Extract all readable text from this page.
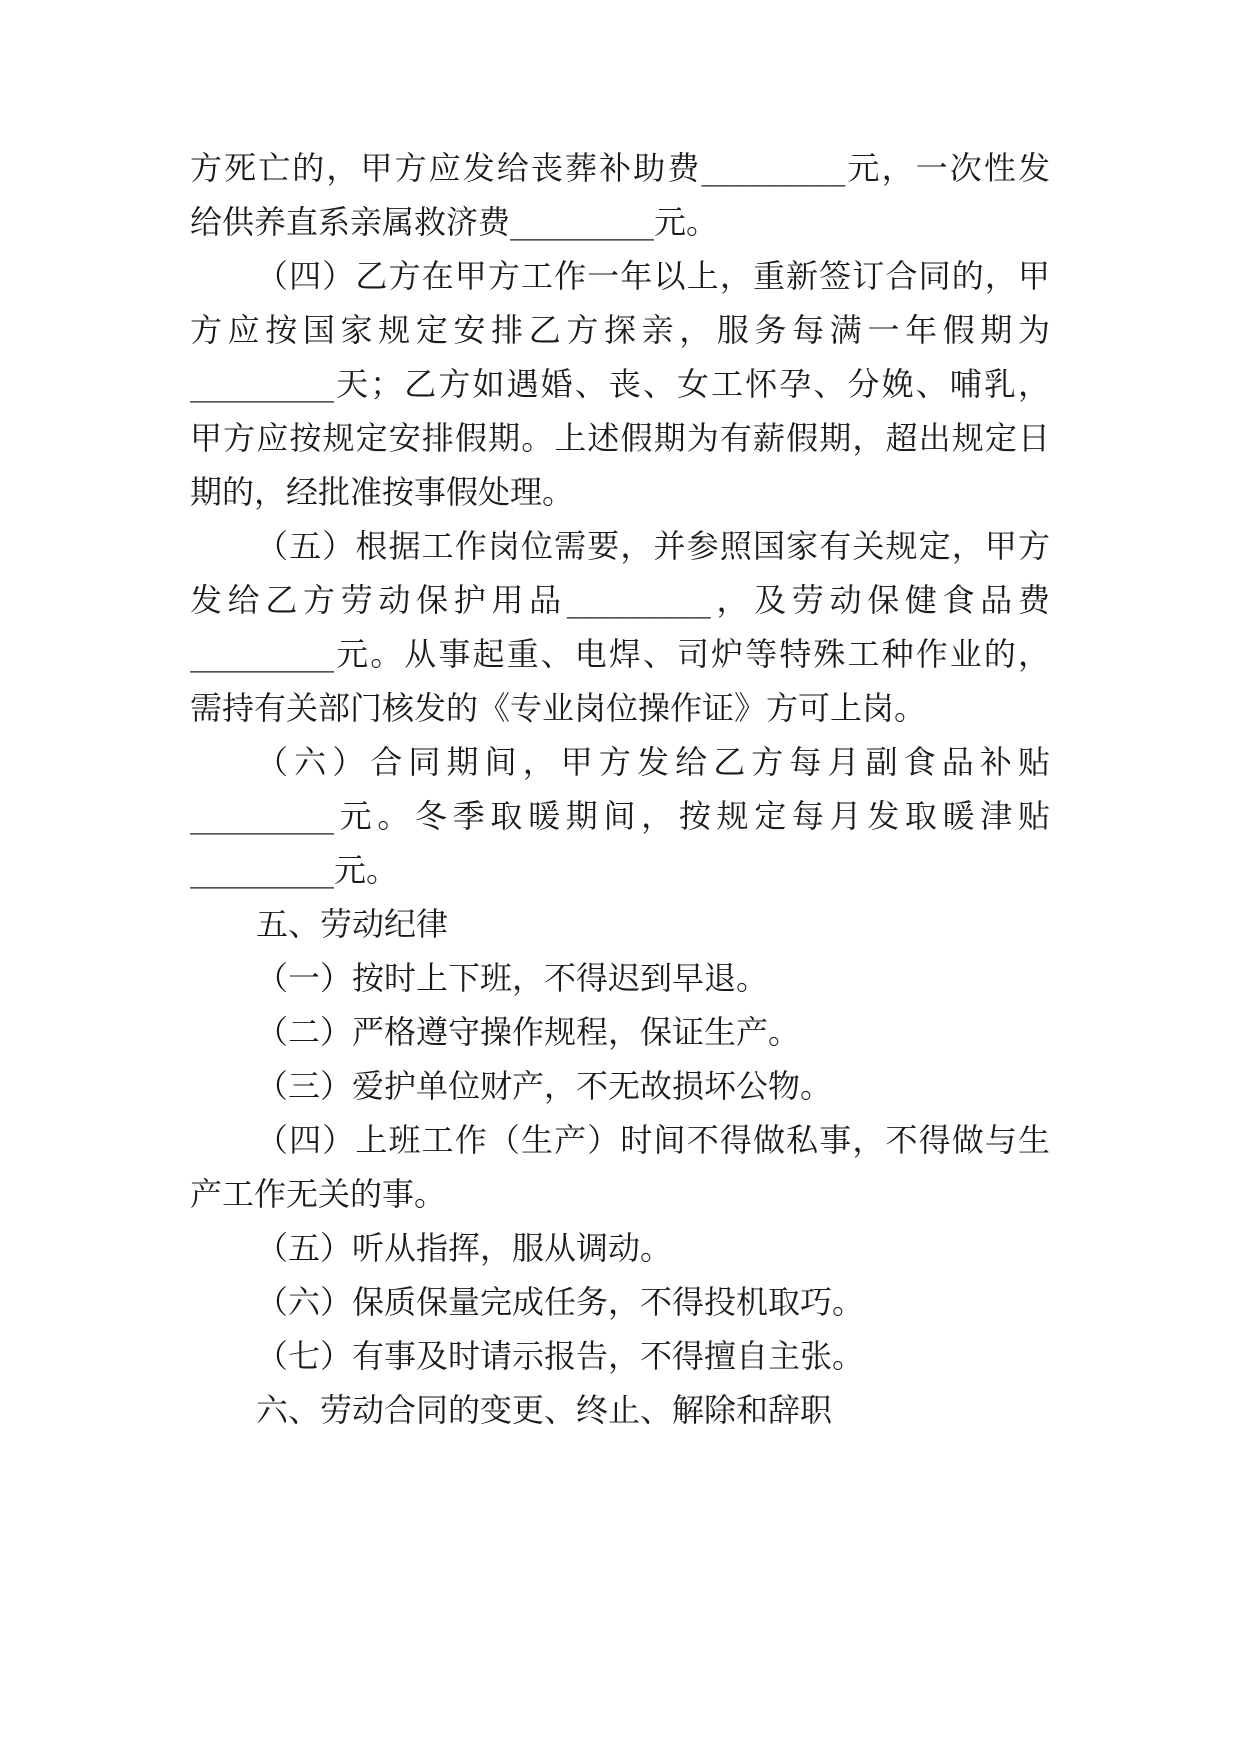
方死亡的，甲方应发给丧葬补助费_________元，一次性发
给供养直系亲属救济费_________元。
（四）乙方在甲方工作一年以上，重新签订合同的，甲
方应按国家规定安排乙方探亲，服务每满一年假期为
_________天；乙方如遇婚、丧、女工怀孕、分娩、哺乳，
甲方应按规定安排假期。上述假期为有薪假期，超出规定日
期的，经批准按事假处理。
（五）根据工作岗位需要，并参照国家有关规定，甲方
发给乙方劳动保护用品_________，及劳动保健食品费
_________元。从事起重、电焊、司炉等特殊工种作业的，
需持有关部门核发的《专业岗位操作证》方可上岗。
（六）合同期间，甲方发给乙方每月副食品补贴
_________元。冬季取暖期间，按规定每月发取暖津贴
_________元。
五、劳动纪律
（一）按时上下班，不得迟到早退。
（二）严格遵守操作规程，保证生产。
（三）爱护单位财产，不无故损坏公物。
（四）上班工作（生产）时间不得做私事，不得做与生
产工作无关的事。
（五）听从指挥，服从调动。
（六）保质保量完成任务，不得投机取巧。
（七）有事及时请示报告，不得擅自主张。
六、劳动合同的变更、终止、解除和辞职
